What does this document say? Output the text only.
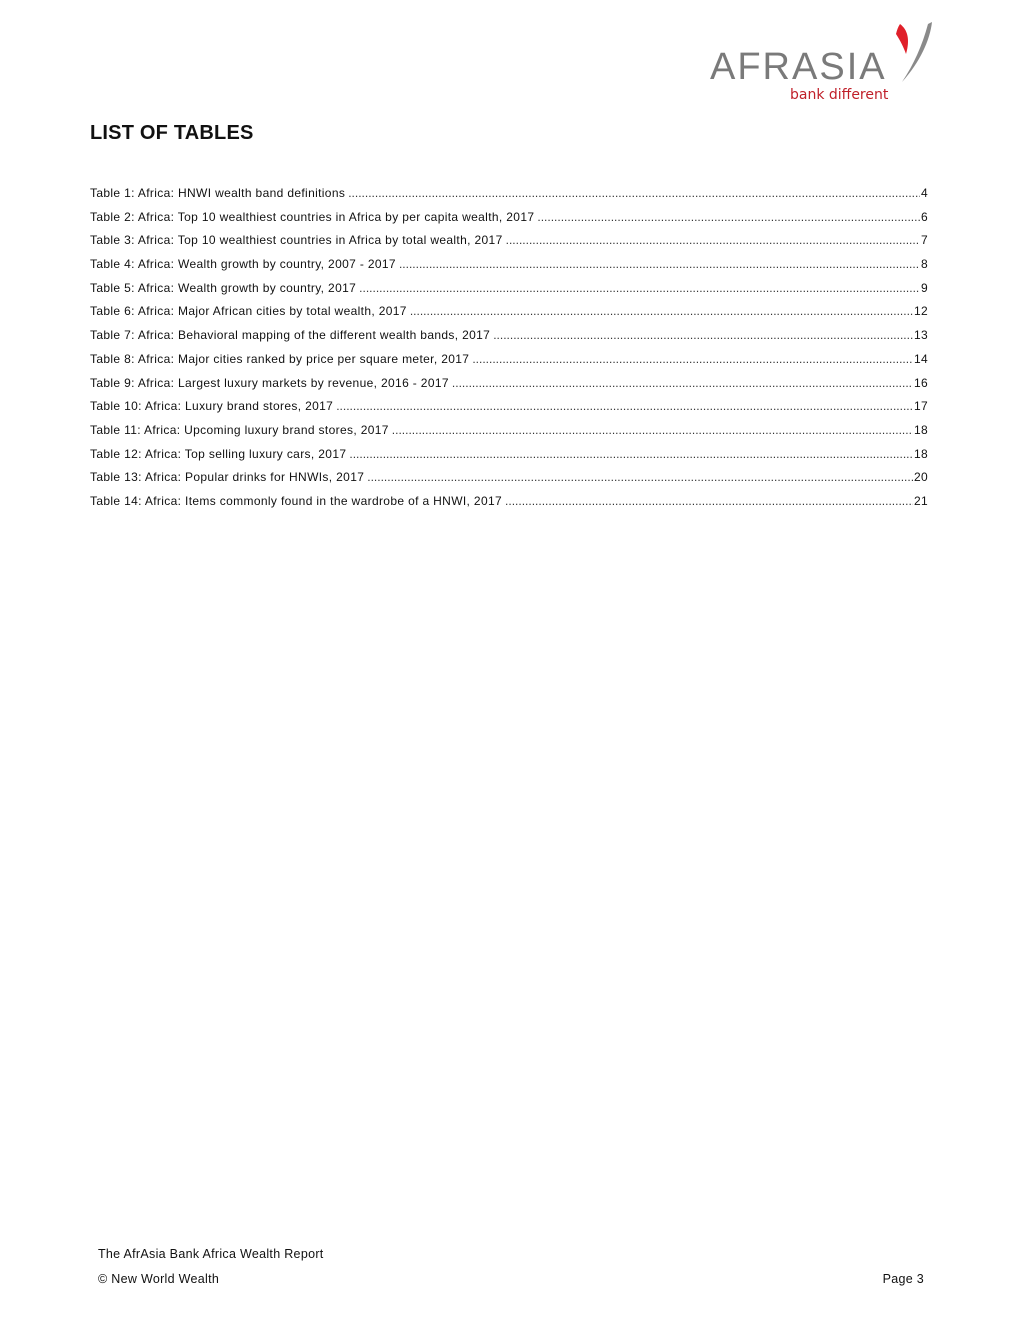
AFRASIA
bank different
LIST OF TABLES
Table 1: Africa: HNWI wealth band definitions .....	4
Table 2: Africa: Top 10 wealthiest countries in Africa by per capita wealth, 2017 .....	6
Table 3: Africa: Top 10 wealthiest countries in Africa by total wealth, 2017 .....	7
Table 4: Africa: Wealth growth by country, 2007 - 2017 .....	8
Table 5: Africa: Wealth growth by country, 2017 .....	9
Table 6: Africa: Major African cities by total wealth, 2017 .....	12
Table 7: Africa: Behavioral mapping of the different wealth bands, 2017 .....	13
Table 8: Africa: Major cities ranked by price per square meter, 2017 .....	14
Table 9: Africa: Largest luxury markets by revenue, 2016 - 2017 .....	16
Table 10: Africa: Luxury brand stores, 2017 .....	17
Table 11: Africa: Upcoming luxury brand stores, 2017 .....	18
Table 12: Africa: Top selling luxury cars, 2017 .....	18
Table 13: Africa: Popular drinks for HNWIs, 2017 .....	20
Table 14: Africa: Items commonly found in the wardrobe of a HNWI, 2017 .....	21
The AfrAsia Bank Africa Wealth Report
© New World Wealth	Page 3
